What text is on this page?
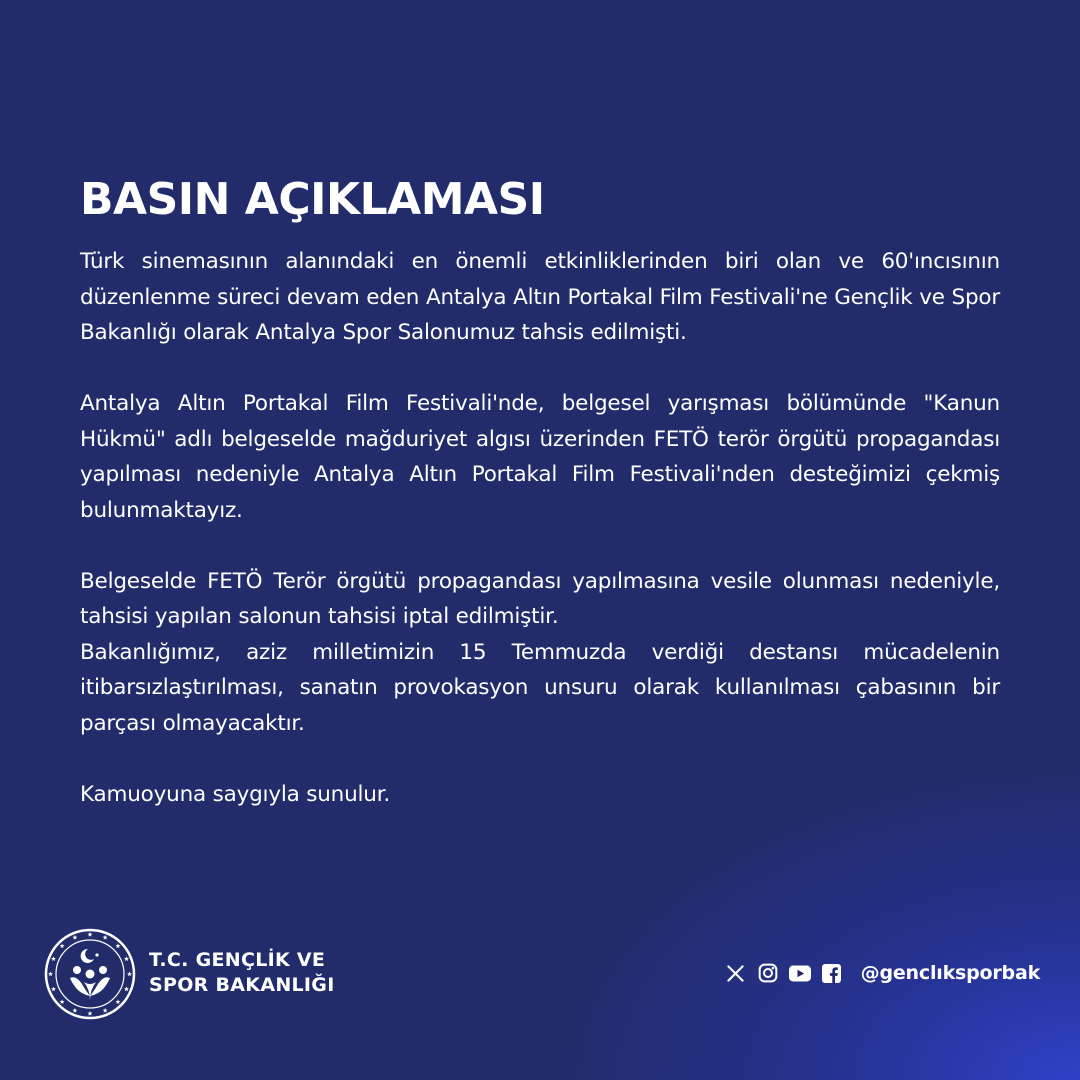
BASIN AÇIKLAMASI

Türk sinemasının alanındaki en önemli etkinliklerinden biri olan ve 60'ıncısının düzenlenme süreci devam eden Antalya Altın Portakal Film Festivali'ne Gençlik ve Spor Bakanlığı olarak Antalya Spor Salonumuz tahsis edilmişti.

Antalya Altın Portakal Film Festivali'nde, belgesel yarışması bölümünde "Kanun Hükmü" adlı belgeselde mağduriyet algısı üzerinden FETÖ terör örgütü propagandası yapılması nedeniyle Antalya Altın Portakal Film Festivali'nden desteğimizi çekmiş bulunmaktayız.

Belgeselde FETÖ Terör örgütü propagandası yapılmasına vesile olunması nedeniyle, tahsisi yapılan salonun tahsisi iptal edilmiştir.

Bakanlığımız, aziz milletimizin 15 Temmuzda verdiği destansı mücadelenin itibarsızlaştırılması, sanatın provokasyon unsuru olarak kullanılması çabasının bir parçası olmayacaktır.

Kamuoyuna saygıyla sunulur.

T.C. GENÇLİK VE
SPOR BAKANLIĞI
@genclıksporbak
